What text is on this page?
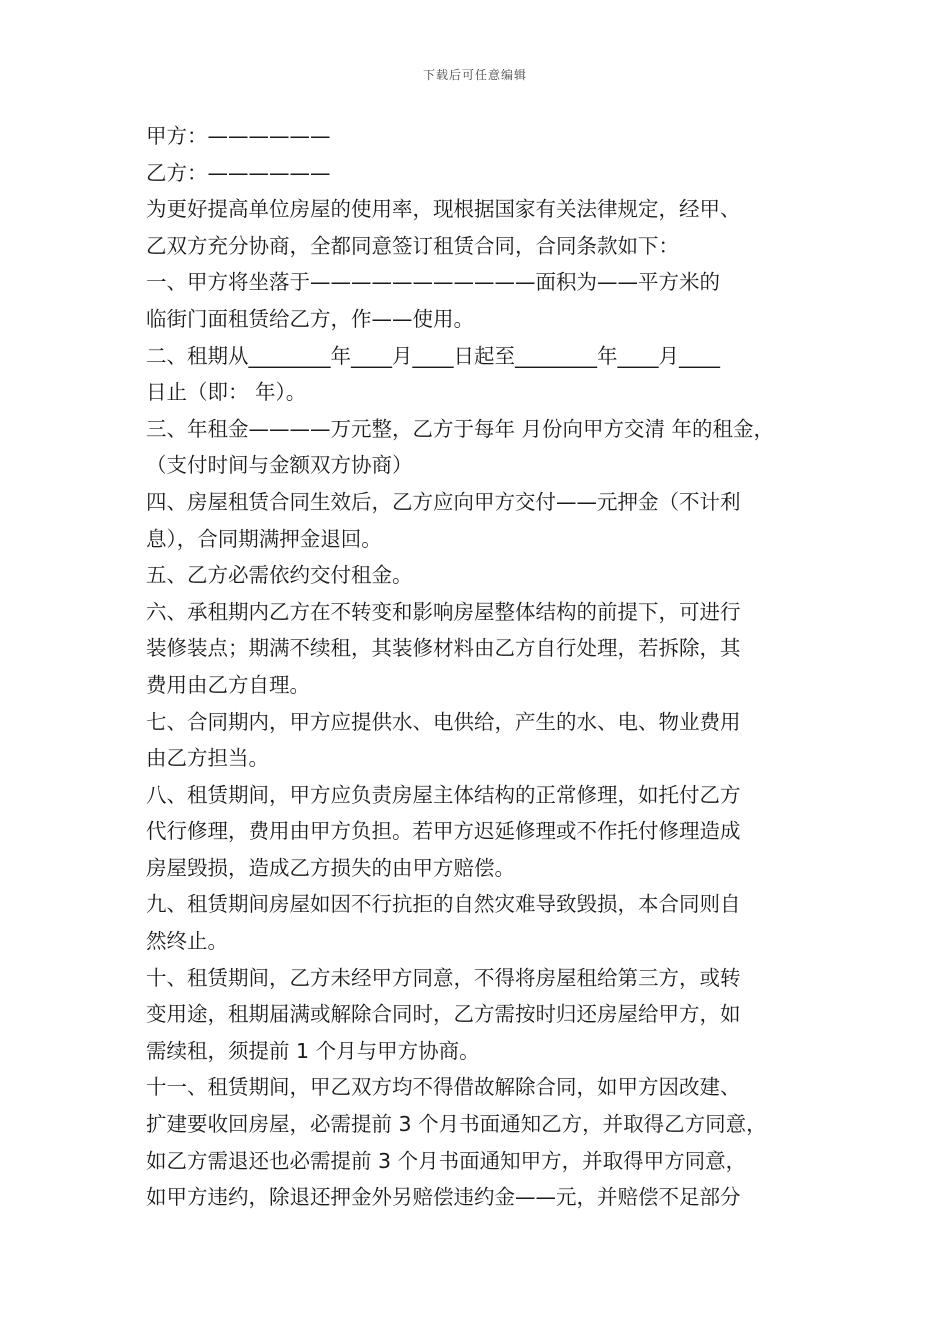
下载后可任意编辑
甲方：——————
乙方：——————
为更好提高单位房屋的使用率，现根据国家有关法律规定，经甲、
乙双方充分协商，全都同意签订租赁合同，合同条款如下：
一、甲方将坐落于———————————面积为——平方米的
临街门面租赁给乙方，作——使用。
二、租期从________年____月____日起至________年____月____
日止（即： 年）。
三、年租金————万元整，乙方于每年 月份向甲方交清 年的租金，
（支付时间与金额双方协商）
四、房屋租赁合同生效后，乙方应向甲方交付——元押金（不计利
息），合同期满押金退回。
五、乙方必需依约交付租金。
六、承租期内乙方在不转变和影响房屋整体结构的前提下，可进行
装修装点；期满不续租，其装修材料由乙方自行处理，若拆除，其
费用由乙方自理。
七、合同期内，甲方应提供水、电供给，产生的水、电、物业费用
由乙方担当。
八、租赁期间，甲方应负责房屋主体结构的正常修理，如托付乙方
代行修理，费用由甲方负担。若甲方迟延修理或不作托付修理造成
房屋毁损，造成乙方损失的由甲方赔偿。
九、租赁期间房屋如因不行抗拒的自然灾难导致毁损，本合同则自
然终止。
十、租赁期间，乙方未经甲方同意，不得将房屋租给第三方，或转
变用途，租期届满或解除合同时，乙方需按时归还房屋给甲方，如
需续租，须提前 1 个月与甲方协商。
十一、租赁期间，甲乙双方均不得借故解除合同，如甲方因改建、
扩建要收回房屋，必需提前 3 个月书面通知乙方，并取得乙方同意，
如乙方需退还也必需提前 3 个月书面通知甲方，并取得甲方同意，
如甲方违约，除退还押金外另赔偿违约金——元，并赔偿不足部分
